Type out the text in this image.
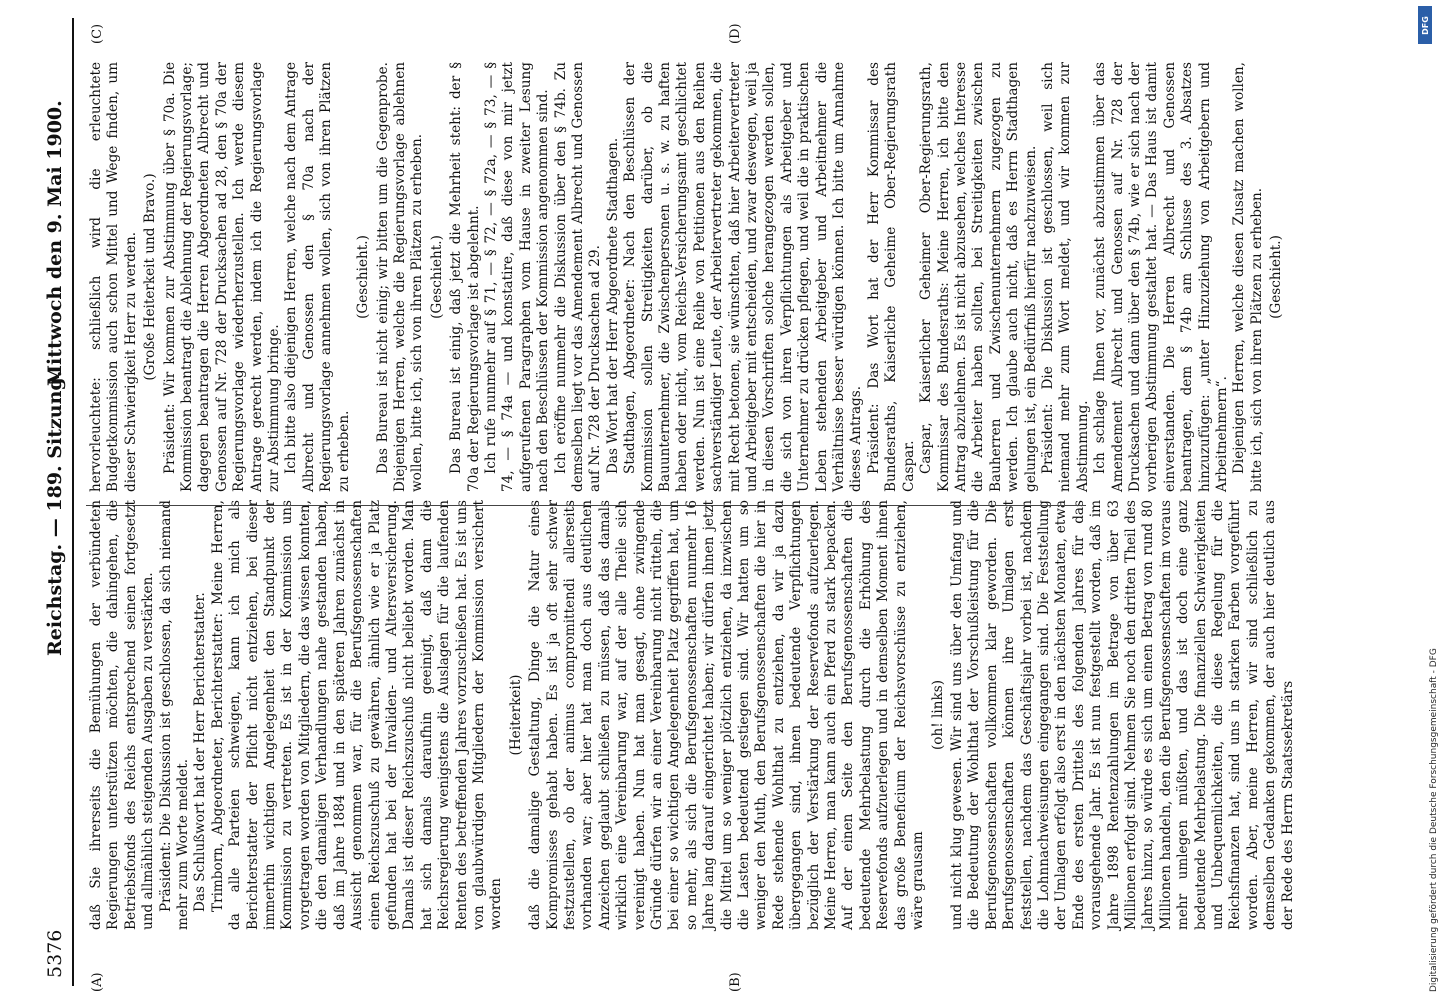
5376
Reichstag. — 189. Sitzung.
Mittwoch den 9. Mai 1900.
(A)	(B)
(C)	(D)

daß Sie ihrerseits die Bemühungen der verbündeten Regierungen unterstützen möchten, die dahingehen, die Betriebsfonds des Reichs entsprechend seinen fortgesetzt und allmählich steigenden Ausgaben zu verstärken. Präsident: Die Diskussion ist geschlossen, da sich niemand mehr zum Worte meldet. Das Schlußwort hat der Herr Berichterstatter. Trimborn, Abgeordneter, Berichterstatter: Meine Herren, da alle Parteien schweigen, kann ich mich als Berichterstatter der Pflicht nicht entziehen, bei dieser immerhin wichtigen Angelegenheit den Standpunkt der Kommission zu vertreten. Es ist in der Kommission uns vorgetragen worden von Mitgliedern, die das wissen konnten, die den damaligen Verhandlungen nahe gestanden haben, daß im Jahre 1884 und in den späteren Jahren zunächst in Aussicht genommen war, für die Berufsgenossenschaften einen Reichszuschuß zu gewähren, ähnlich wie er ja Platz gefunden hat bei der Invaliden- und Altersversicherung. Damals ist dieser Reichszuschuß nicht beliebt worden. Man hat sich damals daraufhin geeinigt, daß dann die Reichsregierung wenigstens die Auslagen für die laufenden Renten des betreffenden Jahres vorzuschießen hat. Es ist uns von glaubwürdigen Mitgliedern der Kommission versichert worden

(Heiterkeit) daß die damalige Gestaltung, Dinge die Natur eines Kompromisses gehabt haben. Es ist ja oft sehr schwer festzustellen, ob der animus compromittendi allerseits vorhanden war; aber hier hat man doch aus deutlichen Anzeichen geglaubt schließen zu müssen, daß das damals wirklich eine Vereinbarung war, auf der alle Theile sich vereinigt haben. Nun hat man gesagt, ohne zwingende Gründe dürfen wir an einer Vereinbarung nicht rütteln, die bei einer so wichtigen Angelegenheit Platz gegriffen hat, um so mehr, als sich die Berufsgenossenschaften nunmehr 16 Jahre lang darauf eingerichtet haben; wir dürfen ihnen jetzt die Mittel um so weniger plötzlich entziehen, da inzwischen die Lasten bedeutend gestiegen sind. Wir hatten um so weniger den Muth, den Berufsgenossenschaften die hier in Rede stehende Wohlthat zu entziehen, da wir ja dazu übergegangen sind, ihnen bedeutende Verpflichtungen bezüglich der Verstärkung der Reservefonds aufzuerlegen. Meine Herren, man kann auch ein Pferd zu stark bepacken. Auf der einen Seite den Berufsgenossenschaften die bedeutende Mehrbelastung durch die Erhöhung des Reservefonds aufzuerlegen und in demselben Moment ihnen das große Beneficium der Reichsvorschüsse zu entziehen, wäre grausam

(oh! links) und nicht klug gewesen. Wir sind uns über den Umfang und die Bedeutung der Wohlthat der Vorschußleistung für die Berufsgenossenschaften vollkommen klar geworden. Die Berufsgenossenschaften können ihre Umlagen erst feststellen, nachdem das Geschäftsjahr vorbei ist, nachdem die Lohnnachweisungen eingegangen sind. Die Feststellung der Umlagen erfolgt also erst in den nächsten Monaten, etwa Ende des ersten Drittels des folgenden Jahres für das vorausgehende Jahr. Es ist nun festgestellt worden, daß im Jahre 1898 Rentenzahlungen im Betrage von über 63 Millionen erfolgt sind. Nehmen Sie noch den dritten Theil des Jahres hinzu, so würde es sich um einen Betrag von rund 80 Millionen handeln, den die Berufsgenossenschaften im voraus mehr umlegen müßten, und das ist doch eine ganz bedeutende Mehrbelastung. Die finanziellen Schwierigkeiten und Unbequemlichkeiten, die diese Regelung für die Reichsfinanzen hat, sind uns in starken Farben vorgeführt worden. Aber, meine Herren, wir sind schließlich zu demselben Gedanken gekommen, der auch hier deutlich aus der Rede des Herrn Staatssekretärs

hervorleuchtete: schließlich wird die erleuchtete Budgetkommission auch schon Mittel und Wege finden, um dieser Schwierigkeit Herr zu werden. (Große Heiterkeit und Bravo.) Präsident: Wir kommen zur Abstimmung über § 70a. Die Kommission beantragt die Ablehnung der Regierungsvorlage; dagegen beantragen die Herren Abgeordneten Albrecht und Genossen auf Nr. 728 der Drucksachen ad 28, den § 70a der Regierungsvorlage wiederherzustellen. Ich werde diesem Antrage gerecht werden, indem ich die Regierungsvorlage zur Abstimmung bringe. Ich bitte also diejenigen Herren, welche nach dem Antrage Albrecht und Genossen den § 70a nach der Regierungsvorlage annehmen wollen, sich von ihren Plätzen zu erheben.

(Geschieht.) Das Bureau ist nicht einig; wir bitten um die Gegenprobe. Diejenigen Herren, welche die Regierungsvorlage ablehnen wollen, bitte ich, sich von ihren Plätzen zu erheben. (Geschieht.) Das Bureau ist einig, daß jetzt die Mehrheit steht: der § 70a der Regierungsvorlage ist abgelehnt. Ich rufe nunmehr auf § 71, — § 72, — § 72a, — § 73, — § 74, — § 74a — und konstatire, daß diese von mir jetzt aufgerufenen Paragraphen vom Hause in zweiter Lesung nach den Beschlüssen der Kommission angenommen sind. Ich eröffne nunmehr die Diskussion über den § 74b. Zu demselben liegt vor das Amendement Albrecht und Genossen auf Nr. 728 der Drucksachen ad 29. Das Wort hat der Herr Abgeordnete Stadthagen. Stadthagen, Abgeordneter: Nach den Beschlüssen der Kommission sollen Streitigkeiten darüber, ob die Bauunternehmer, die Zwischenpersonen u. s. w. zu haften haben oder nicht, vom Reichs-Versicherungsamt geschlichtet werden. Nun ist eine Reihe von Petitionen aus den Reihen sachverständiger Leute, der Arbeitervertreter gekommen, die mit Recht betonen, sie wünschten, daß hier Arbeitervertreter und Arbeitgeber mit entscheiden, und zwar deswegen, weil ja in diesen Vorschriften solche herangezogen werden sollen, die sich von ihren Verpflichtungen als Arbeitgeber und Unternehmer zu drücken pflegen, und weil die in praktischen Leben stehenden Arbeitgeber und Arbeitnehmer die Verhältnisse besser würdigen können. Ich bitte um Annahme dieses Antrags. Präsident: Das Wort hat der Herr Kommissar des Bundesraths, Kaiserliche Geheime Ober-Regierungsrath Caspar. Caspar, Kaiserlicher Geheimer Ober-Regierungsrath, Kommissar des Bundesraths: Meine Herren, ich bitte den Antrag abzulehnen. Es ist nicht abzusehen, welches Interesse die Arbeiter haben sollten, bei Streitigkeiten zwischen Bauherren und Zwischenunternehmern zugezogen zu werden. Ich glaube auch nicht, daß es Herrn Stadthagen gelungen ist, ein Bedürfniß hierfür nachzuweisen. Präsident: Die Diskussion ist geschlossen, weil sich niemand mehr zum Wort meldet, und wir kommen zur Abstimmung. Ich schlage Ihnen vor, zunächst abzustimmen über das Amendement Albrecht und Genossen auf Nr. 728 der Drucksachen und dann über den § 74b, wie er sich nach der vorherigen Abstimmung gestaltet hat. — Das Haus ist damit einverstanden. Die Herren Albrecht und Genossen beantragen, dem § 74b am Schlusse des 3. Absatzes hinzuzufügen: „unter Hinzuziehung von Arbeitgebern und Arbeitnehmern“. Diejenigen Herren, welche diesen Zusatz machen wollen, bitte ich, sich von ihren Plätzen zu erheben. (Geschieht.)

Digitalisierung gefördert durch die Deutsche Forschungsgemeinschaft - DFG
DFG
